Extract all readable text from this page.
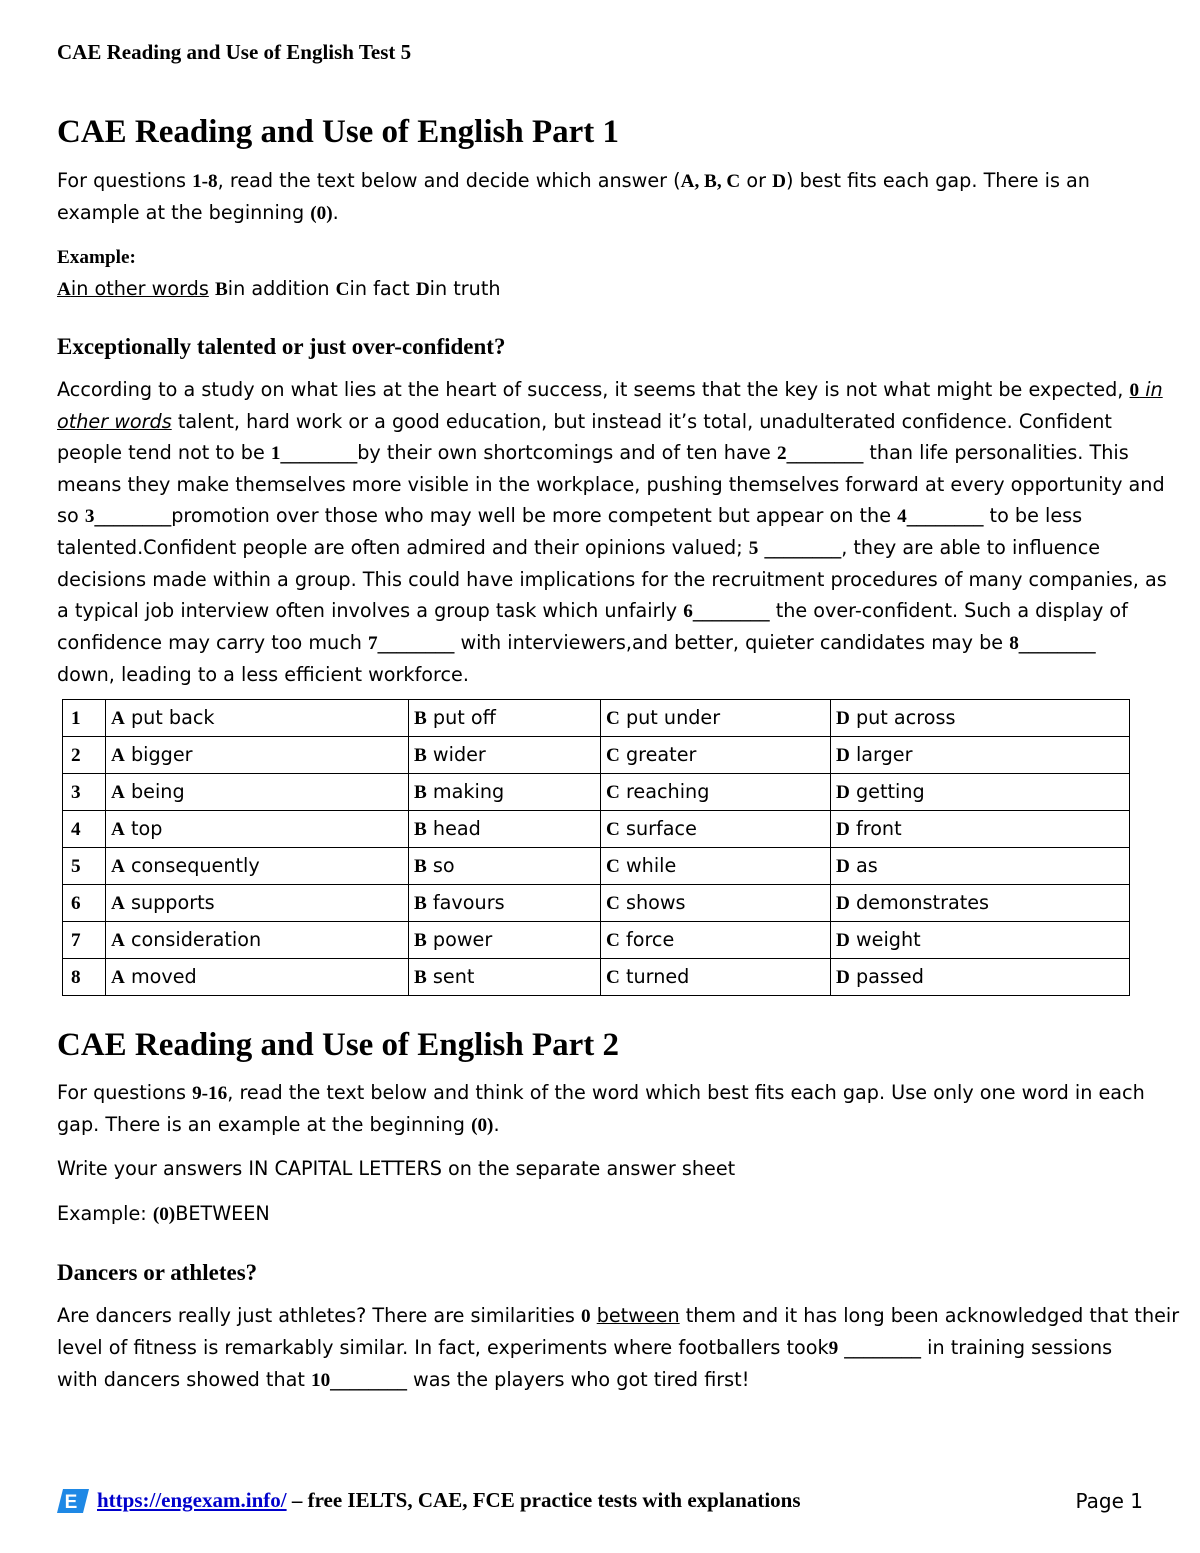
CAE Reading and Use of English Test 5
CAE Reading and Use of English Part 1

For questions 1-8, read the text below and decide which answer (A, B, C or D) best fits each gap. There is an
example at the beginning (0).

Example:
Ain other words Bin addition Cin fact Din truth

Exceptionally talented or just over-confident?

According to a study on what lies at the heart of success, it seems that the key is not what might be expected, 0 in
other words talent, hard work or a good education, but instead it’s total, unadulterated confidence. Confident
people tend not to be 1________by their own shortcomings and of ten have 2________ than life personalities. This
means they make themselves more visible in the workplace, pushing themselves forward at every opportunity and
so 3________promotion over those who may well be more competent but appear on the 4________ to be less
talented.Confident people are often admired and their opinions valued; 5 ________, they are able to influence
decisions made within a group. This could have implications for the recruitment procedures of many companies, as
a typical job interview often involves a group task which unfairly 6________ the over-confident. Such a display of
confidence may carry too much 7________ with interviewers,and better, quieter candidates may be 8________
down, leading to a less efficient workforce.

1	A put back	B put off	C put under	D put across
2	A bigger	B wider	C greater	D larger
3	A being	B making	C reaching	D getting
4	A top	B head	C surface	D front
5	A consequently	B so	C while	D as
6	A supports	B favours	C shows	D demonstrates
7	A consideration	B power	C force	D weight
8	A moved	B sent	C turned	D passed
CAE Reading and Use of English Part 2

For questions 9-16, read the text below and think of the word which best fits each gap. Use only one word in each
gap. There is an example at the beginning (0).

Write your answers IN CAPITAL LETTERS on the separate answer sheet

Example: (0)BETWEEN

Dancers or athletes?

Are dancers really just athletes? There are similarities 0 between them and it has long been acknowledged that their
level of fitness is remarkably similar. In fact, experiments where footballers took9 ________ in training sessions
with dancers showed that 10________ was the players who got tired first!

E https://engexam.info/ – free IELTS, CAE, FCE practice tests with explanations	Page 1
